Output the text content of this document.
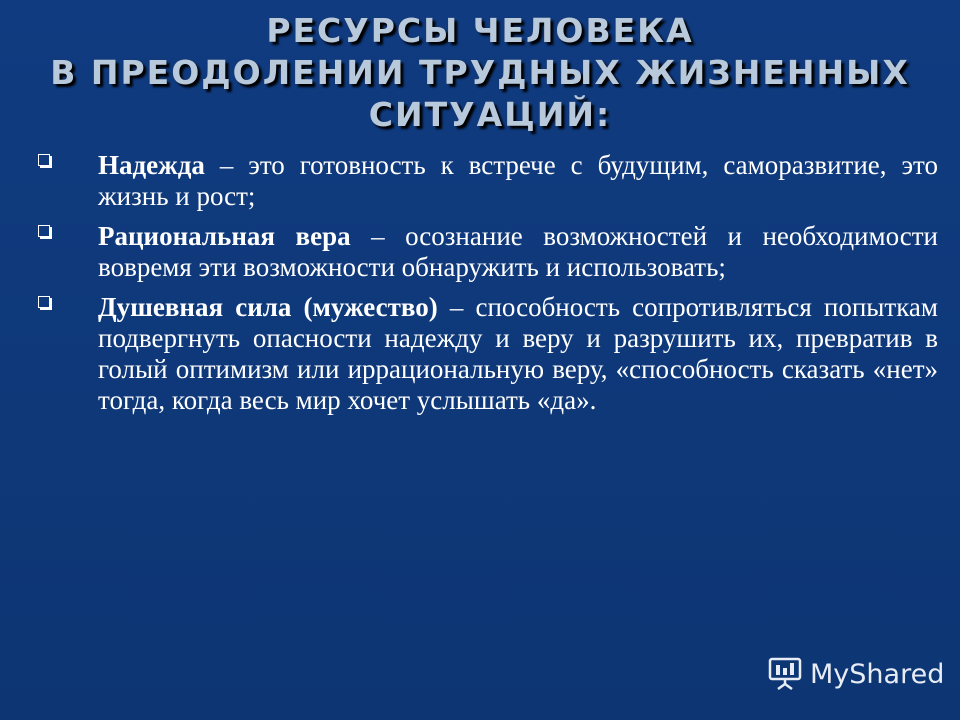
РЕСУРСЫ ЧЕЛОВЕКА
В ПРЕОДОЛЕНИИ ТРУДНЫХ ЖИЗНЕННЫХ
СИТУАЦИЙ:
Надежда – это готовность к встрече с будущим, саморазвитие, это жизнь и рост;
Рациональная вера – осознание возможностей и необходимости вовремя эти возможности обнаружить и использовать;
Душевная сила (мужество) – способность сопротивляться попыткам подвергнуть опасности надежду и веру и разрушить их, превратив в голый оптимизм или иррациональную веру, «способность сказать «нет» тогда, когда весь мир хочет услышать «да».
MyShared
